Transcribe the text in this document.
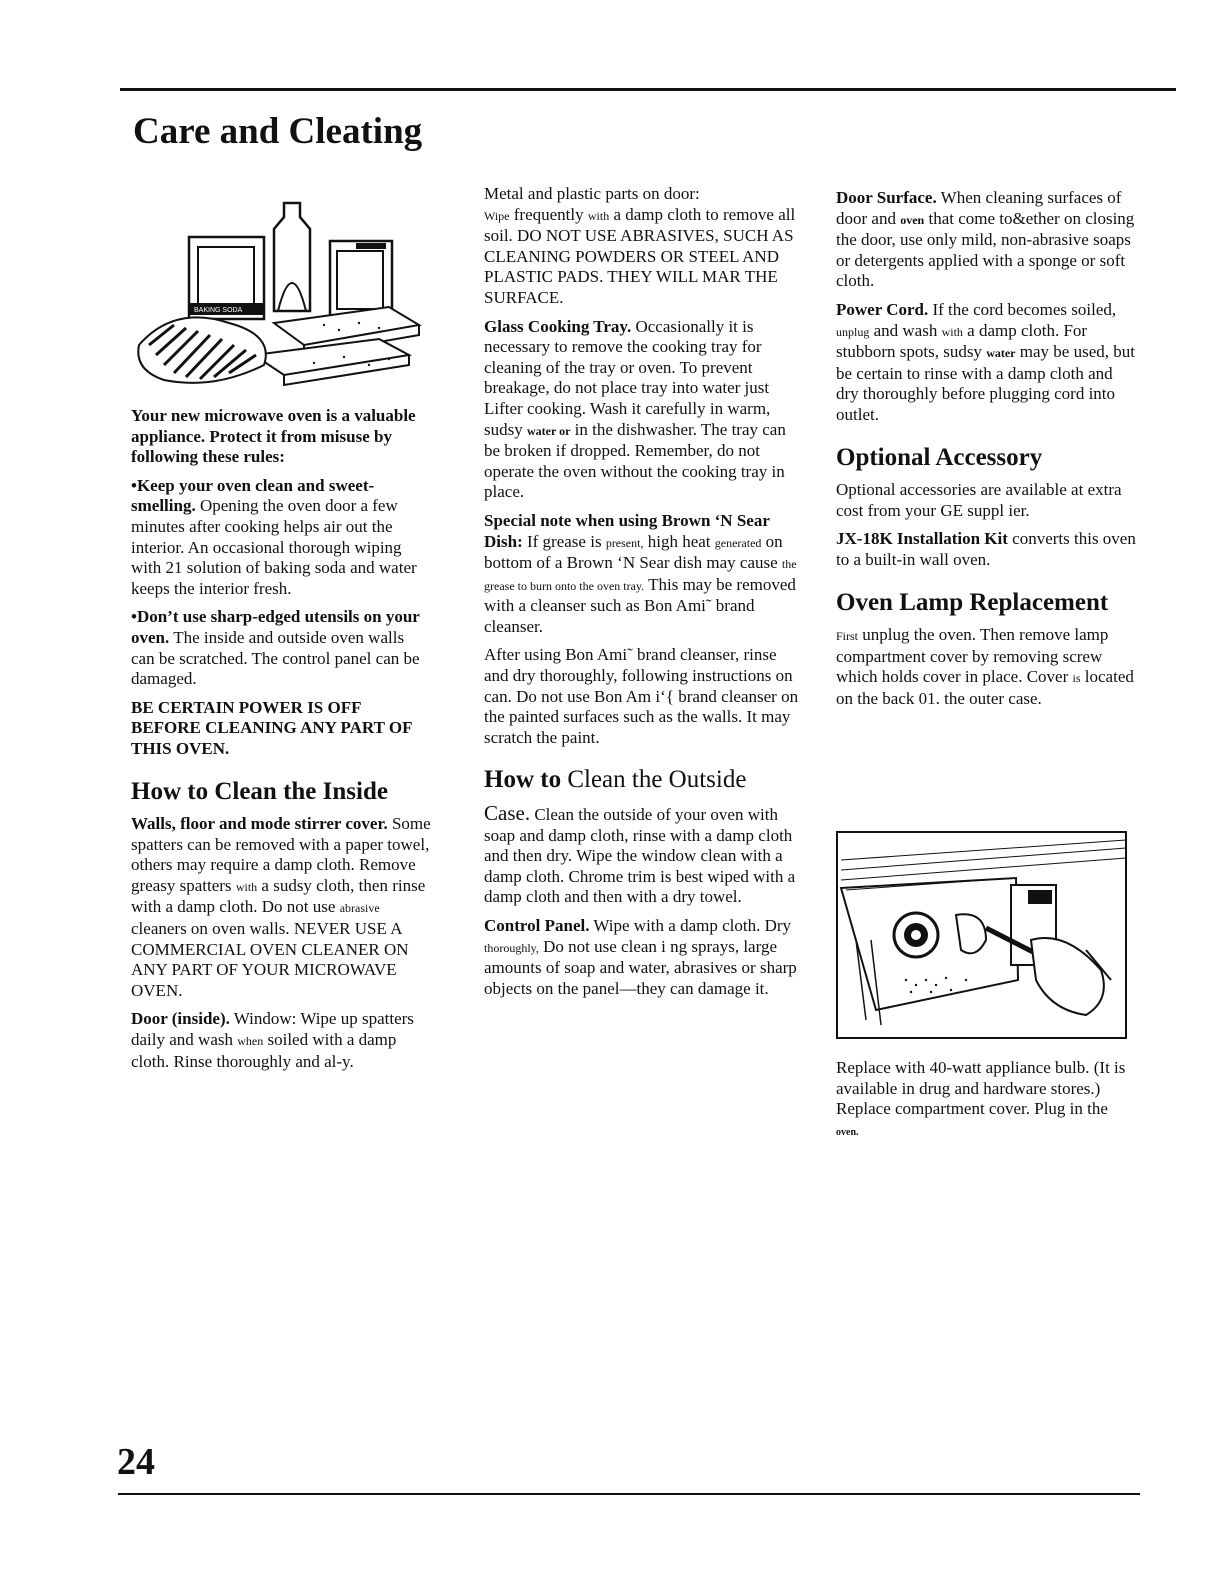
Care and Cleating
BAKING SODA

Your new microwave oven is a valuable appliance. Protect it from misuse by following these rules:

•Keep your oven clean and sweet-smelling. Opening the oven door a few minutes after cooking helps air out the interior. An occasional thorough wiping with 21 solution of baking soda and water keeps the interior fresh.

•Don’t use sharp-edged utensils on your oven. The inside and outside oven walls can be scratched. The control panel can be damaged.

BE CERTAIN POWER IS OFF BEFORE CLEANING ANY PART OF THIS OVEN.

How to Clean the Inside

Walls, floor and mode stirrer cover. Some spatters can be removed with a paper towel, others may require a damp cloth. Remove greasy spatters with a sudsy cloth, then rinse with a damp cloth. Do not use abrasive cleaners on oven walls. NEVER USE A COMMERCIAL OVEN CLEANER ON ANY PART OF YOUR MICROWAVE OVEN.

Door (inside). Window: Wipe up spatters daily and wash when soiled with a damp cloth. Rinse thoroughly and al-y.

Metal and plastic parts on door:
Wipe frequently with a damp cloth to remove all soil. DO NOT USE ABRASIVES, SUCH AS CLEANING POWDERS OR STEEL AND PLASTIC PADS. THEY WILL MAR THE SURFACE.

Glass Cooking Tray. Occasionally it is necessary to remove the cooking tray for cleaning of the tray or oven. To prevent breakage, do not place tray into water just Lifter cooking. Wash it carefully in warm, sudsy water or in the dishwasher. The tray can be broken if dropped. Remember, do not operate the oven without the cooking tray in place.

Special note when using Brown ‘N Sear Dish: If grease is present, high heat generated on bottom of a Brown ‘N Sear dish may cause the grease to burn onto the oven tray. This may be removed with a cleanser such as Bon Ami˜ brand cleanser.

After using Bon Ami˜ brand cleanser, rinse and dry thoroughly, following instructions on can. Do not use Bon Am i‘{ brand cleanser on the painted surfaces such as the walls. It may scratch the paint.

How to Clean the Outside

Case. Clean the outside of your oven with soap and damp cloth, rinse with a damp cloth and then dry. Wipe the window clean with a damp cloth. Chrome trim is best wiped with a damp cloth and then with a dry towel.

Control Panel. Wipe with a damp cloth. Dry thoroughly, Do not use clean i ng sprays, large amounts of soap and water, abrasives or sharp objects on the panel—they can damage it.

Door Surface. When cleaning surfaces of door and oven that come to&ether on closing the door, use only mild, non-abrasive soaps or detergents applied with a sponge or soft cloth.

Power Cord. If the cord becomes soiled, unplug and wash with a damp cloth. For stubborn spots, sudsy water may be used, but be certain to rinse with a damp cloth and dry thoroughly before plugging cord into outlet.

Optional Accessory

Optional accessories are available at extra cost from your GE suppl ier.

JX-18K Installation Kit converts this oven to a built-in wall oven.

Oven Lamp Replacement

First unplug the oven. Then remove lamp compartment cover by removing screw which holds cover in place. Cover is located on the back 01. the outer case.

Replace with 40-watt appliance bulb. (It is available in drug and hardware stores.) Replace compartment cover. Plug in the oven.

24
